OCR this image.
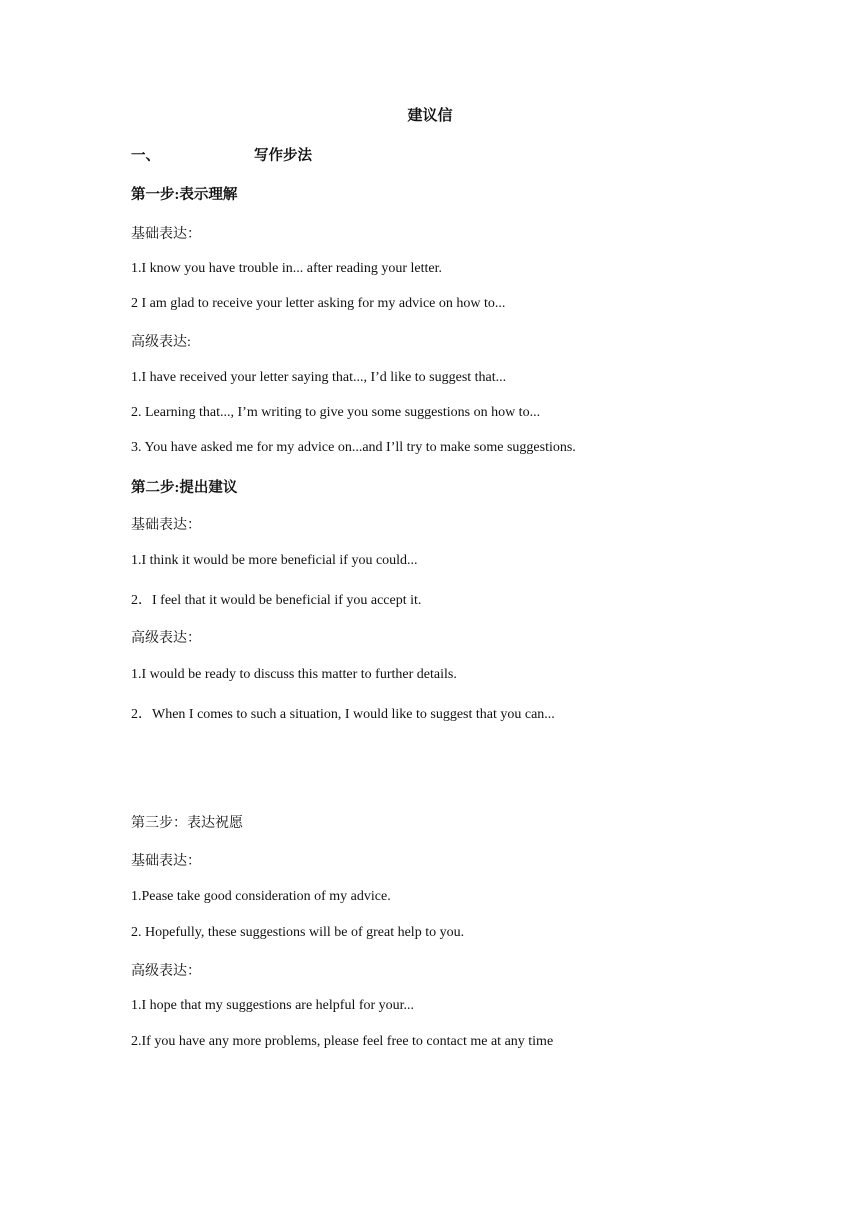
建议信
一、	写作步法
第一步:表示理解
基础表达：
1.I know you have trouble in... after reading your letter.
2 I am glad to receive your letter asking for my advice on how to...
高级表达:
1.I have received your letter saying that..., I’d like to suggest that...
2. Learning that..., I’m writing to give you some suggestions on how to...
3. You have asked me for my advice on...and I’ll try to make some suggestions.
第二步:提出建议
基础表达：
1.I think it would be more beneficial if you could...
2．I feel that it would be beneficial if you accept it.
高级表达：
1.I would be ready to discuss this matter to further details.
2．When I comes to such a situation, I would like to suggest that you can...
第三步：表达祝愿
基础表达：
1.Pease take good consideration of my advice.
2. Hopefully, these suggestions will be of great help to you.
高级表达：
1.I hope that my suggestions are helpful for your...
2.If you have any more problems, please feel free to contact me at any time
